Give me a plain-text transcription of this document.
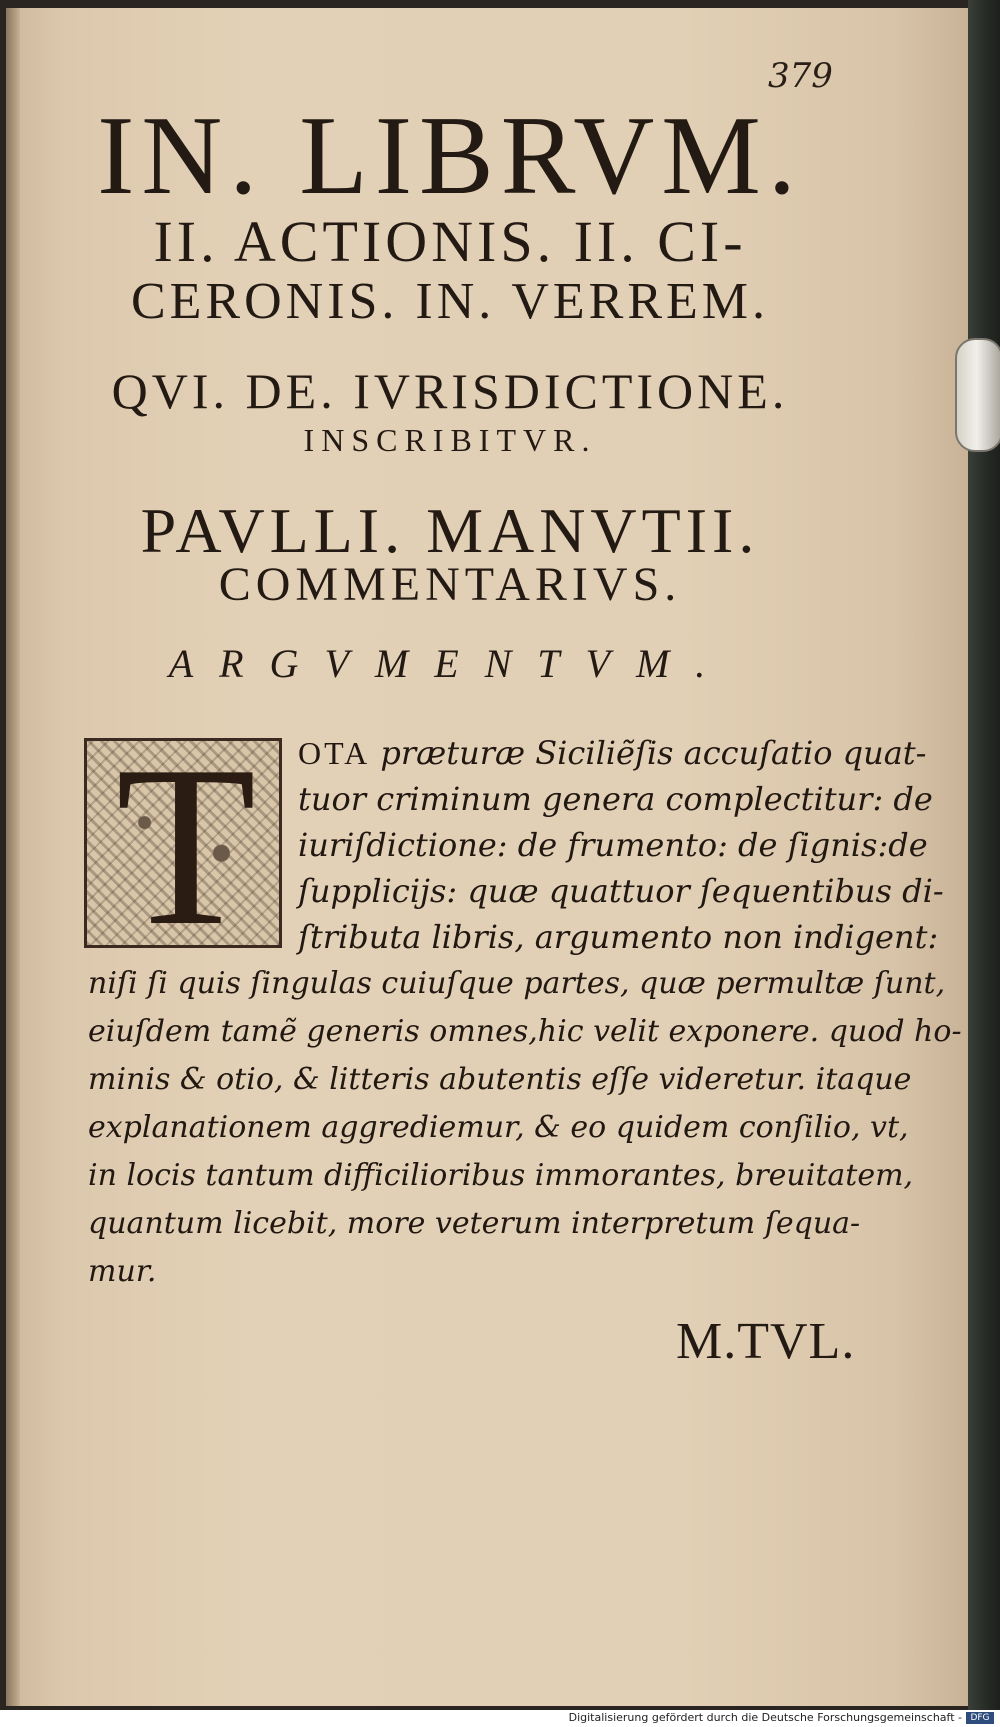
379
IN. LIBRVM.
II. ACTIONIS. II. CI-
CERONIS. IN. VERREM.
QVI. DE. IVRISDICTIONE.
INSCRIBITVR.
PAVLLI. MANVTII.
COMMENTARIVS.
ARGVMENTVM.
T	OTA præturæ Siciliẽſis accuſatio quat-
tuor criminum genera complectitur: de
iuriſdictione: de frumento: de ſignis:de
ſupplicijs: quæ quattuor ſequentibus di-
ſtributa libris, argumento non indigent:
niſi ſi quis ſingulas cuiuſque partes, quæ permultæ ſunt,
eiuſdem tamẽ generis omnes,hic velit exponere. quod ho-
minis & otio, & litteris abutentis eſſe videretur. itaque
explanationem aggrediemur, & eo quidem conſilio, vt,
in locis tantum difficilioribus immorantes, breuitatem,
quantum licebit, more veterum interpretum ſequa-
mur.
M.TVL.
Digitalisierung gefördert durch die Deutsche Forschungsgemeinschaft - DFG
